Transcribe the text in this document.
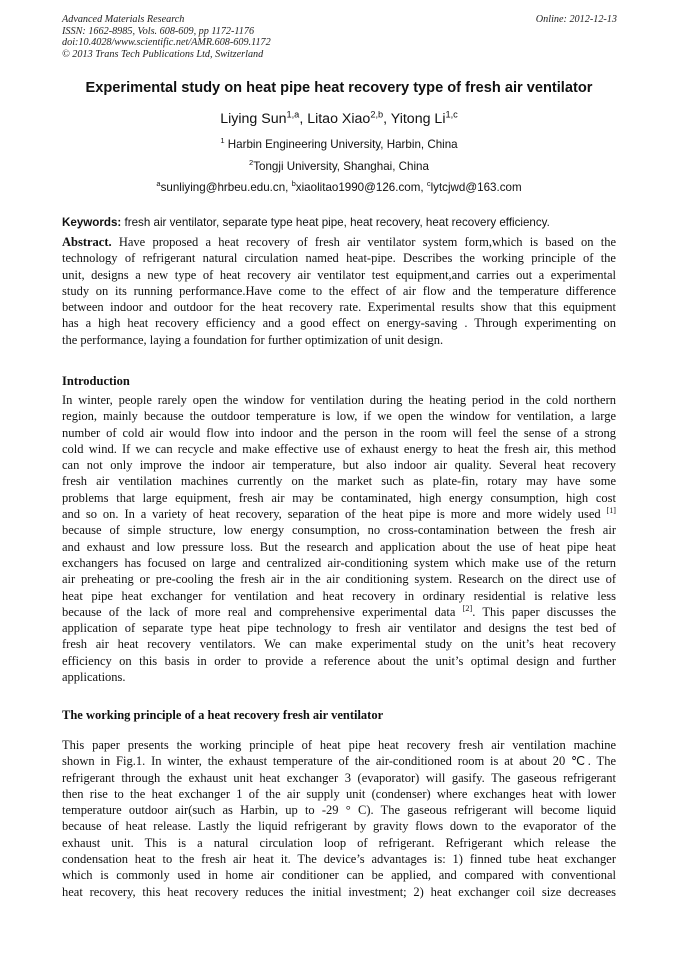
Advanced Materials Research
ISSN: 1662-8985, Vols. 608-609, pp 1172-1176
doi:10.4028/www.scientific.net/AMR.608-609.1172
© 2013 Trans Tech Publications Ltd, Switzerland
Online: 2012-12-13
Experimental study on heat pipe heat recovery type of fresh air ventilator
Liying Sun$^{1,a}$, Litao Xiao$^{2,b}$, Yitong Li$^{1,c}$
$^1$ Harbin Engineering University, Harbin, China
$^2$Tongji University, Shanghai, China
$^a$sunliying@hrbeu.edu.cn, $^b$xiaolitao1990@126.com, $^c$lytcjwd@163.com
Keywords: fresh air ventilator, separate type heat pipe, heat recovery, heat recovery efficiency.
Abstract. Have proposed a heat recovery of fresh air ventilator system form,which is based on the
technology of refrigerant natural circulation named heat-pipe. Describes the working principle of the
unit, designs a new type of heat recovery air ventilator test equipment,and carries out a experimental
study on its running performance.Have come to the effect of air flow and the temperature difference
between indoor and outdoor for the heat recovery rate. Experimental results show that this equipment
has a high heat recovery efficiency and a good effect on energy-saving . Through experimenting on
the performance, laying a foundation for further optimization of unit design.
Introduction
In winter, people rarely open the window for ventilation during the heating period in the cold northern
region, mainly because the outdoor temperature is low, if we open the window for ventilation, a large
number of cold air would flow into indoor and the person in the room will feel the sense of a strong
cold wind. If we can recycle and make effective use of exhaust energy to heat the fresh air, this method
can not only improve the indoor air temperature, but also indoor air quality. Several heat recovery
fresh air ventilation machines currently on the market such as plate-fin, rotary may have some
problems that large equipment, fresh air may be contaminated, high energy consumption, high cost
and so on. In a variety of heat recovery, separation of the heat pipe is more and more widely used [1]
because of simple structure, low energy consumption, no cross-contamination between the fresh air
and exhaust and low pressure loss. But the research and application about the use of heat pipe heat
exchangers has focused on large and centralized air-conditioning system which make use of the return
air preheating or pre-cooling the fresh air in the air conditioning system. Research on the direct use of
heat pipe heat exchanger for ventilation and heat recovery in ordinary residential is relative less
because of the lack of more real and comprehensive experimental data [2]. This paper discusses the
application of separate type heat pipe technology to fresh air ventilator and designs the test bed of
fresh air heat recovery ventilators. We can make experimental study on the unit’s heat recovery
efficiency on this basis in order to provide a reference about the unit’s optimal design and further
applications.
The working principle of a heat recovery fresh air ventilator
This paper presents the working principle of heat pipe heat recovery fresh air ventilation machine
shown in Fig.1. In winter, the exhaust temperature of the air-conditioned room is at about 20 ℃. The
refrigerant through the exhaust unit heat exchanger 3 (evaporator) will gasify. The gaseous refrigerant
then rise to the heat exchanger 1 of the air supply unit (condenser) where exchanges heat with lower
temperature outdoor air(such as Harbin, up to -29 ° C). The gaseous refrigerant will become liquid
because of heat release. Lastly the liquid refrigerant by gravity flows down to the evaporator of the
exhaust unit. This is a natural circulation loop of refrigerant. Refrigerant which release the
condensation heat to the fresh air heat it. The device’s advantages is: 1) finned tube heat exchanger
which is commonly used in home air conditioner can be applied, and compared with conventional
heat recovery, this heat recovery reduces the initial investment; 2) heat exchanger coil size decreases
